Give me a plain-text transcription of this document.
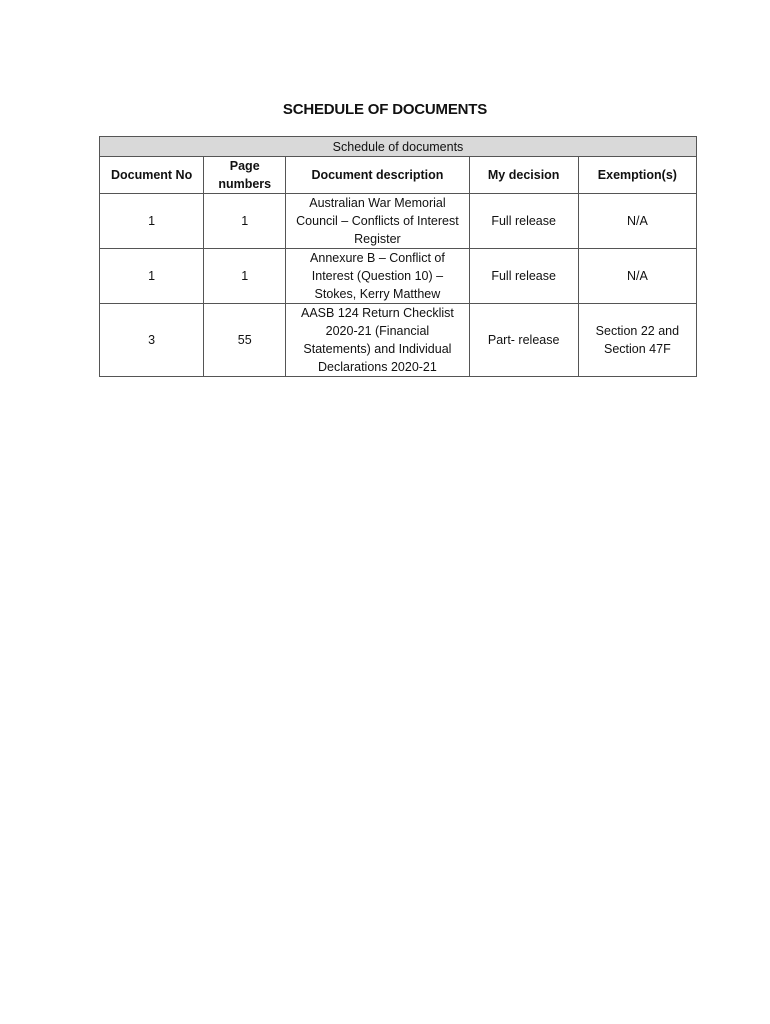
SCHEDULE OF DOCUMENTS
Schedule of documents				
Document No	Page numbers	Document description	My decision	Exemption(s)
1	1	Australian War Memorial Council – Conflicts of Interest Register	Full release	N/A
1	1	Annexure B – Conflict of Interest (Question 10) – Stokes, Kerry Matthew	Full release	N/A
3	55	AASB 124 Return Checklist 2020-21 (Financial Statements) and Individual Declarations 2020-21	Part- release	Section 22 and Section 47F
